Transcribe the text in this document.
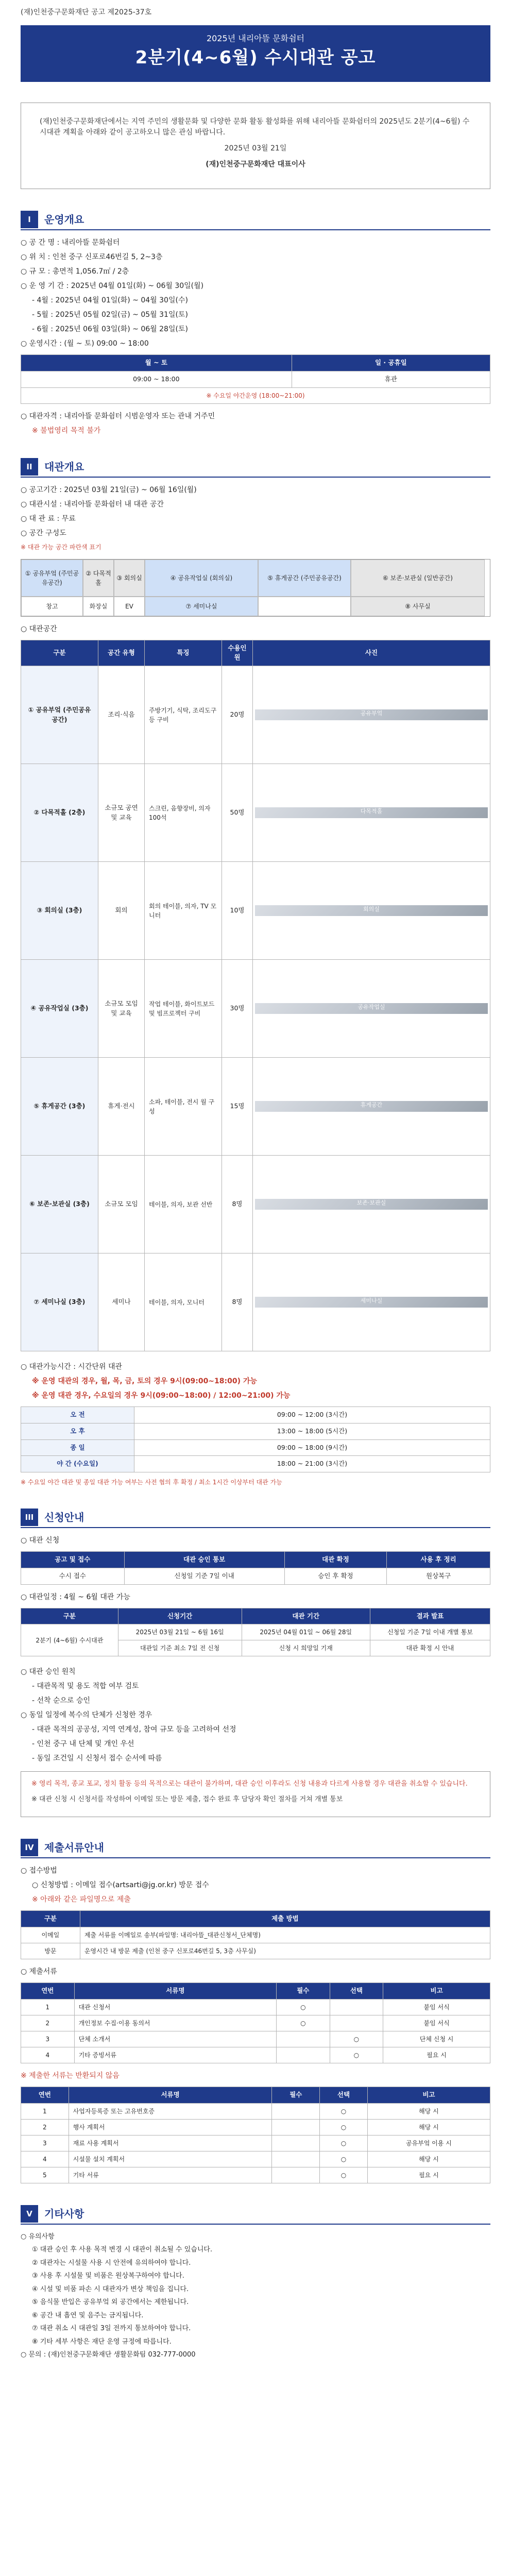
(재)인천중구문화재단 공고 제2025-37호
2025년 내리아뜰 문화쉼터
2분기(4~6월) 수시대관 공고

(재)인천중구문화재단에서는 지역 주민의 생활문화 및 다양한 문화 활동 활성화를 위해 내리아뜰 문화쉼터의 2025년도 2분기(4~6월) 수시대관 계획을 아래와 같이 공고하오니 많은 관심 바랍니다.

2025년 03월 21일

(재)인천중구문화재단 대표이사

I	운영개요
○ 공 간 명 : 내리아뜰 문화쉼터
○ 위 치 : 인천 중구 신포로46번길 5, 2~3층
○ 규 모 : 총면적 1,056.7㎡ / 2층
○ 운 영 기 간 : 2025년 04월 01일(화) ~ 06월 30일(월)
- 4월 : 2025년 04월 01일(화) ~ 04월 30일(수)
- 5월 : 2025년 05월 02일(금) ~ 05월 31일(토)
- 6월 : 2025년 06월 03일(화) ~ 06월 28일(토)
○ 운영시간 : (월 ~ 토) 09:00 ~ 18:00
월 ~ 토	일 · 공휴일
09:00 ~ 18:00	휴관
※ 수요일 야간운영 (18:00~21:00)	
○ 대관자격 : 내리아뜰 문화쉼터 시범운영자 또는 관내 거주민
※ 불법영리 목적 불가
II	대관개요
○ 공고기간 : 2025년 03월 21일(금) ~ 06월 16일(월)
○ 대관시설 : 내리아뜰 문화쉼터 내 대관 공간
○ 대 관 료 : 무료
○ 공간 구성도
※ 대관 가능 공간 파란색 표기
① 공유부엌 (주민공유공간)
② 다목적홀
③ 회의실	④ 공유작업실 (회의실)	⑤ 휴게공간 (주민공유공간)	⑥ 보존·보관실 (일반공간)
창고	화장실	EV	⑦ 세미나실	⑧ 사무실
○ 대관공간
구분	공간 유형	특징	수용인원	사진
① 공유부엌 (주민공유공간)	조리·식음	주방기기, 식탁, 조리도구 등 구비	20명	공유부엌

② 다목적홀 (2층)	소규모 공연 및 교육	스크린, 음향장비, 의자 100석	50명	다목적홀

③ 회의실 (3층)	회의	회의 테이블, 의자, TV 모니터	10명	회의실

④ 공유작업실 (3층)	소규모 모임 및 교육	작업 테이블, 화이트보드 및 빔프로젝터 구비	30명	공유작업실

⑤ 휴게공간 (3층)	휴게·전시	소파, 테이블, 전시 월 구성	15명	휴게공간

⑥ 보존·보관실 (3층)	소규모 모임	테이블, 의자, 보관 선반	8명	보존·보관실

⑦ 세미나실 (3층)	세미나	테이블, 의자, 모니터	8명	세미나실
○ 대관가능시간 : 시간단위 대관
※ 운영 대관의 경우, 월, 목, 금, 토의 경우 9시(09:00~18:00) 가능
※ 운영 대관 경우, 수요일의 경우 9시(09:00~18:00) / 12:00~21:00) 가능
오 전	09:00 ~ 12:00 (3시간)
오 후	13:00 ~ 18:00 (5시간)
종 일	09:00 ~ 18:00 (9시간)
야 간 (수요일)	18:00 ~ 21:00 (3시간)
※ 수요일 야간 대관 및 종일 대관 가능 여부는 사전 협의 후 확정 / 최소 1시간 이상부터 대관 가능
III	신청안내
○ 대관 신청
공고 및 접수	대관 승인 통보	대관 확정	사용 후 정리
수시 접수	신청일 기준 7일 이내	승인 후 확정	원상복구
○ 대관일정 : 4월 ~ 6월 대관 가능
구분	신청기간	대관 기간	결과 발표
2분기 (4~6월) 수시대관	2025년 03월 21일 ~ 6월 16일	2025년 04월 01일 ~ 06월 28일	신청일 기준 7일 이내 개별 통보
	대관일 기준 최소 7일 전 신청	신청 시 희망일 기재	대관 확정 시 안내
○ 대관 승인 원칙
- 대관목적 및 용도 적합 여부 검토
- 선착 순으로 승인
○ 동일 일정에 복수의 단체가 신청한 경우
- 대관 목적의 공공성, 지역 연계성, 참여 규모 등을 고려하여 선정
- 인천 중구 내 단체 및 개인 우선
- 동일 조건일 시 신청서 접수 순서에 따름

※ 영리 목적, 종교 포교, 정치 활동 등의 목적으로는 대관이 불가하며, 대관 승인 이후라도 신청 내용과 다르게 사용할 경우 대관을 취소할 수 있습니다.

※ 대관 신청 시 신청서를 작성하여 이메일 또는 방문 제출, 접수 완료 후 담당자 확인 절차를 거쳐 개별 통보

IV	제출서류안내
○ 접수방법
○ 신청방법 : 이메일 접수(artsarti@jg.or.kr) 방문 접수
※ 아래와 같은 파일명으로 제출
구분	제출 방법
이메일	제출 서류를 이메일로 송부(파일명: 내리아뜰_대관신청서_단체명)
방문	운영시간 내 방문 제출 (인천 중구 신포로46번길 5, 3층 사무실)
○ 제출서류
연번	서류명	필수	선택	비고
1	대관 신청서	○		붙임 서식
2	개인정보 수집·이용 동의서	○		붙임 서식
3	단체 소개서		○	단체 신청 시
4	기타 증빙서류		○	필요 시
※ 제출한 서류는 반환되지 않음
연번	서류명	필수	선택	비고
1	사업자등록증 또는 고유번호증		○	해당 시
2	행사 계획서		○	해당 시
3	재료 사용 계획서		○	공유부엌 이용 시
4	시설물 설치 계획서		○	해당 시
5	기타 서류		○	필요 시
V	기타사항
○ 유의사항
① 대관 승인 후 사용 목적 변경 시 대관이 취소될 수 있습니다.
② 대관자는 시설물 사용 시 안전에 유의하여야 합니다.
③ 사용 후 시설물 및 비품은 원상복구하여야 합니다.
④ 시설 및 비품 파손 시 대관자가 변상 책임을 집니다.
⑤ 음식물 반입은 공유부엌 외 공간에서는 제한됩니다.
⑥ 공간 내 흡연 및 음주는 금지됩니다.
⑦ 대관 취소 시 대관일 3일 전까지 통보하여야 합니다.
⑧ 기타 세부 사항은 재단 운영 규정에 따릅니다.
○ 문의 : (재)인천중구문화재단 생활문화팀 032-777-0000
